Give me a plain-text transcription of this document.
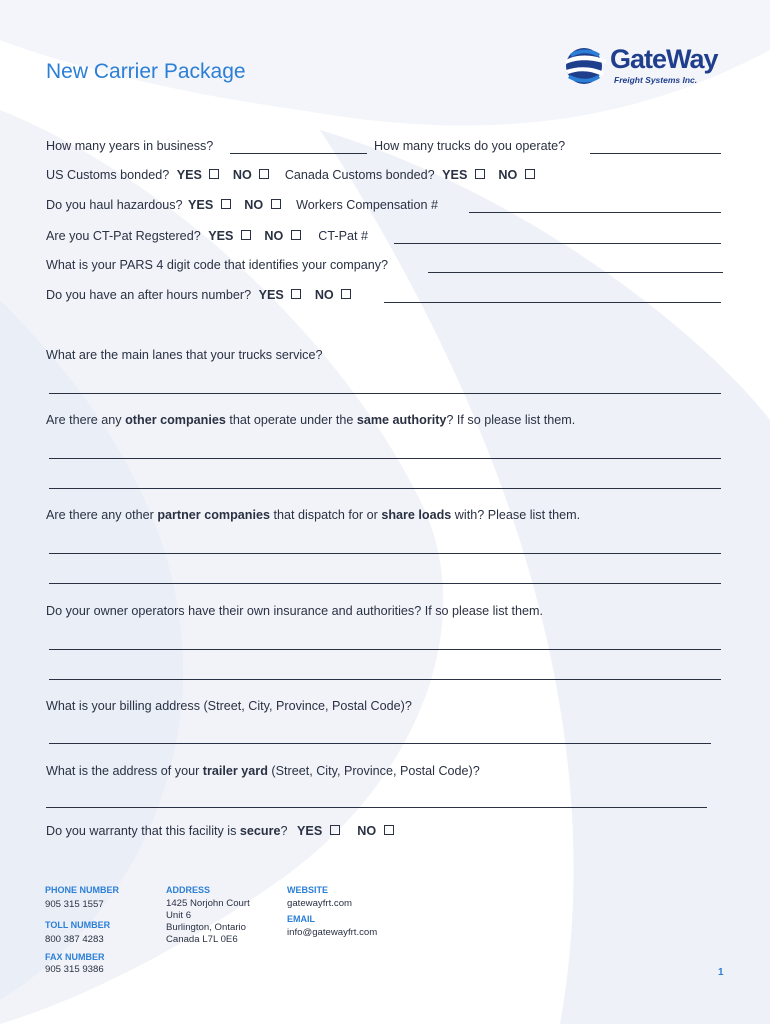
New Carrier Package	GateWay
Freight Systems Inc.
How many years in business?	How many trucks do you operate?
US Customs bonded? YES NO	Canada Customs bonded? YES NO
Do you haul hazardous? YES NO	Workers Compensation #
Are you CT-Pat Regstered? YES NO	CT-Pat #
What is your PARS 4 digit code that identifies your company?
Do you have an after hours number? YES NO
What are the main lanes that your trucks service?
Are there any other companies that operate under the same authority? If so please list them.
Are there any other partner companies that dispatch for or share loads with? Please list them.
Do your owner operators have their own insurance and authorities? If so please list them.
What is your billing address (Street, City, Province, Postal Code)?
What is the address of your trailer yard (Street, City, Province, Postal Code)?
Do you warranty that this facility is secure? YES	NO
PHONE NUMBER
905 315 1557
TOLL NUMBER
800 387 4283
FAX NUMBER
905 315 9386
ADDRESS
1425 Norjohn Court
Unit 6
Burlington, Ontario
Canada L7L 0E6
WEBSITE
gatewayfrt.com
EMAIL
info@gatewayfrt.com
1
